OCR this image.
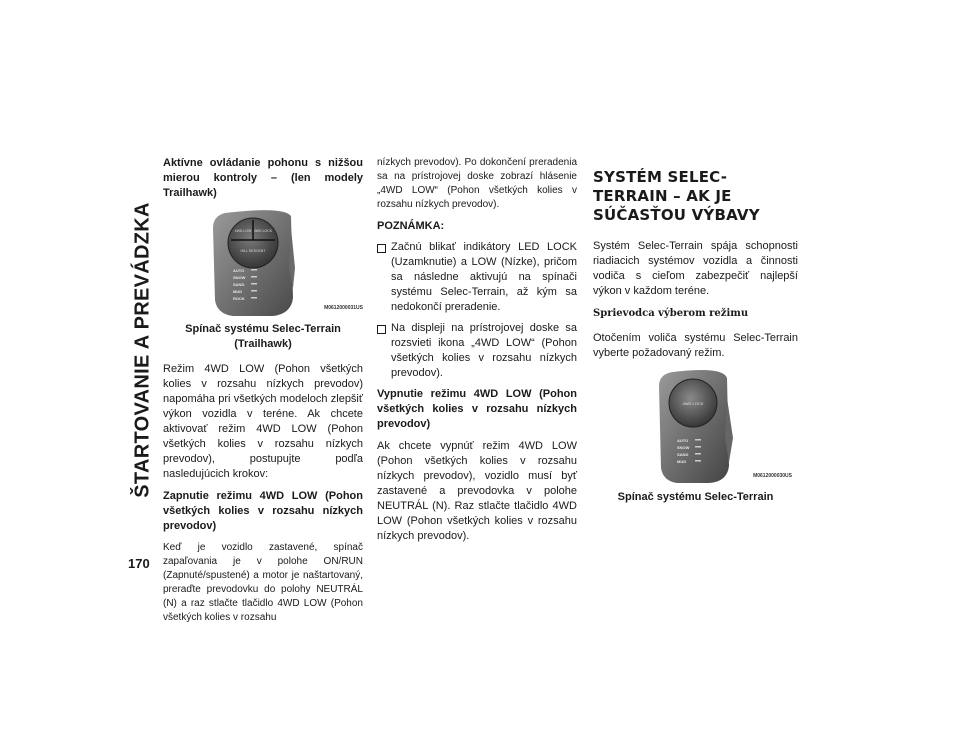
ŠTARTOVANIE A PREVÁDZKA
170
Aktívne ovládanie pohonu s nižšou mierou kontroly – (len modely Trailhawk)
4WD LOW 4WD LOCK
HILL DESCENT
AUTO
SNOW
SAND
MUD
ROCK
M0612000031US
Spínač systému Selec-Terrain (Trailhawk)

Režim 4WD LOW (Pohon všetkých kolies v rozsahu nízkych prevodov) napomáha pri všetkých modeloch zlepšiť výkon vozidla v teréne. Ak chcete aktivovať režim 4WD LOW (Pohon všetkých kolies v rozsahu nízkych prevodov), postupujte podľa nasledujúcich krokov:

Zapnutie režimu 4WD LOW (Pohon všetkých kolies v rozsahu nízkych prevodov)

Keď je vozidlo zastavené, spínač zapaľovania je v polohe ON/RUN (Zapnuté/spustené) a motor je naštartovaný, preraďte prevodovku do polohy NEUTRÁL (N) a raz stlačte tlačidlo 4WD LOW (Pohon všetkých kolies v rozsahu

nízkych prevodov). Po dokončení preradenia sa na prístrojovej doske zobrazí hlásenie „4WD LOW“ (Pohon všetkých kolies v rozsahu nízkych prevodov).

POZNÁMKA:
Začnú blikať indikátory LED LOCK (Uzamknutie) a LOW (Nízke), pričom sa následne aktivujú na spínači systému Selec-Terrain, až kým sa nedokončí preradenie.
Na displeji na prístrojovej doske sa rozsvieti ikona „4WD LOW“ (Pohon všetkých kolies v rozsahu nízkych prevodov).
Vypnutie režimu 4WD LOW (Pohon všetkých kolies v rozsahu nízkych prevodov)

Ak chcete vypnúť režim 4WD LOW (Pohon všetkých kolies v rozsahu nízkych prevodov), vozidlo musí byť zastavené a prevodovka v polohe NEUTRÁL (N). Raz stlačte tlačidlo 4WD LOW (Pohon všetkých kolies v rozsahu nízkych prevodov).

SYSTÉM SELEC-TERRAIN – AK JE SÚČASŤOU VÝBAVY

Systém Selec-Terrain spája schopnosti riadiacich systémov vozidla a činnosti vodiča s cieľom zabezpečiť najlepší výkon v každom teréne.

Sprievodca výberom režimu

Otočením voliča systému Selec-Terrain vyberte požadovaný režim.

4WD LOCK
AUTO
SNOW
SAND
MUD
M0612000030US
Spínač systému Selec-Terrain
